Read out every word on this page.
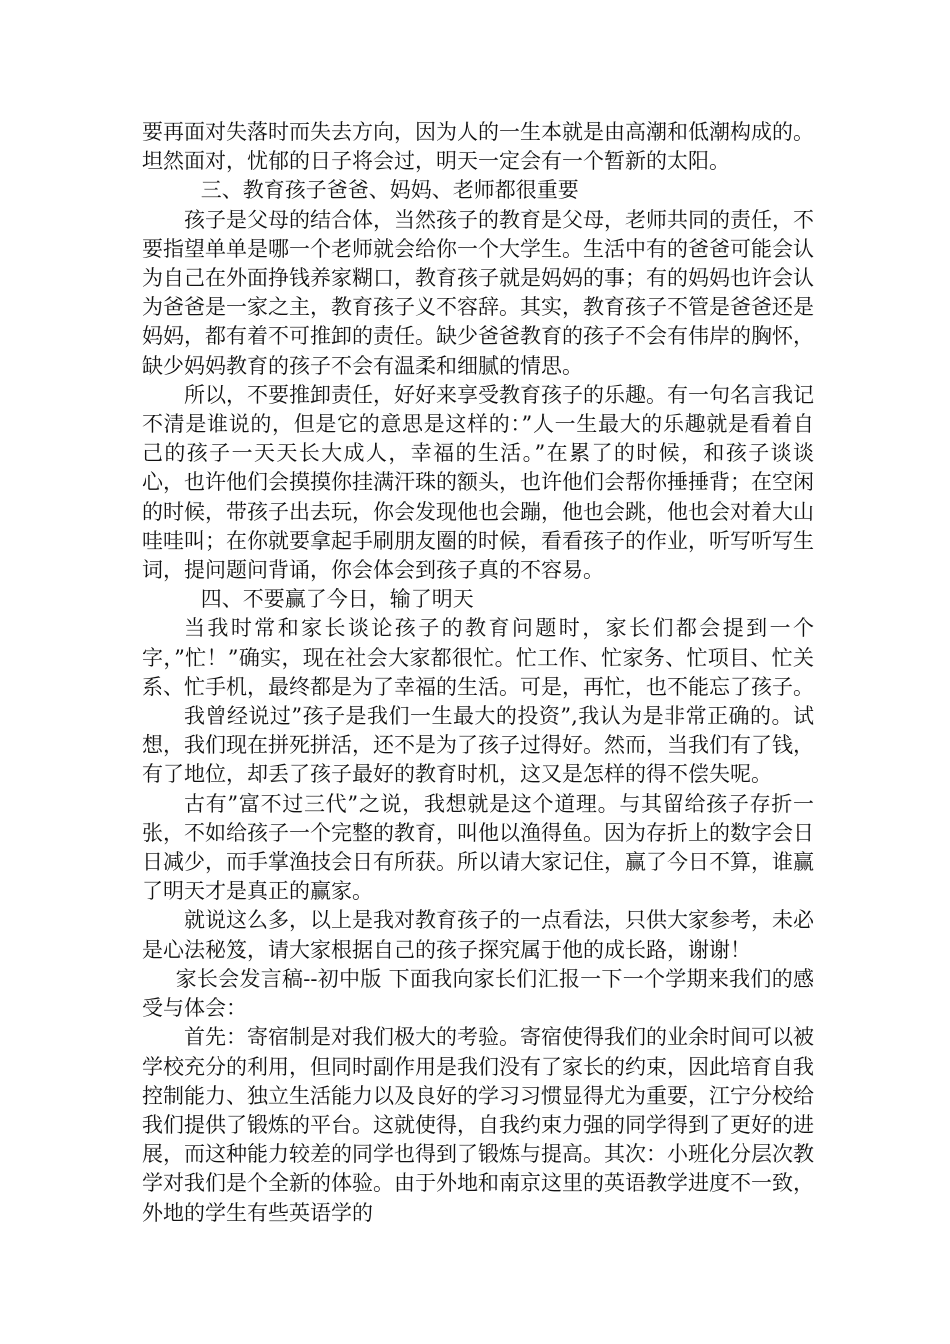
要再面对失落时而失去方向，因为人的一生本就是由高潮和低潮构成的。坦然面对，忧郁的日子将会过，明天一定会有一个暂新的太阳。

三、教育孩子爸爸、妈妈、老师都很重要

孩子是父母的结合体，当然孩子的教育是父母，老师共同的责任，不要指望单单是哪一个老师就会给你一个大学生。生活中有的爸爸可能会认为自己在外面挣钱养家糊口，教育孩子就是妈妈的事；有的妈妈也许会认为爸爸是一家之主，教育孩子义不容辞。其实，教育孩子不管是爸爸还是妈妈，都有着不可推卸的责任。缺少爸爸教育的孩子不会有伟岸的胸怀，缺少妈妈教育的孩子不会有温柔和细腻的情思。

所以，不要推卸责任，好好来享受教育孩子的乐趣。有一句名言我记不清是谁说的，但是它的意思是这样的：”人一生最大的乐趣就是看着自己的孩子一天天长大成人，幸福的生活。”在累了的时候，和孩子谈谈心，也许他们会摸摸你挂满汗珠的额头，也许他们会帮你捶捶背；在空闲的时候，带孩子出去玩，你会发现他也会蹦，他也会跳，他也会对着大山哇哇叫；在你就要拿起手刷朋友圈的时候，看看孩子的作业，听写听写生词，提问题问背诵，你会体会到孩子真的不容易。

四、不要赢了今日，输了明天

当我时常和家长谈论孩子的教育问题时，家长们都会提到一个字，”忙！”确实，现在社会大家都很忙。忙工作、忙家务、忙项目、忙关系、忙手机，最终都是为了幸福的生活。可是，再忙，也不能忘了孩子。

我曾经说过”孩子是我们一生最大的投资”,我认为是非常正确的。试想，我们现在拼死拼活，还不是为了孩子过得好。然而，当我们有了钱，有了地位，却丢了孩子最好的教育时机，这又是怎样的得不偿失呢。

古有”富不过三代”之说，我想就是这个道理。与其留给孩子存折一张，不如给孩子一个完整的教育，叫他以渔得鱼。因为存折上的数字会日日减少，而手掌渔技会日有所获。所以请大家记住，赢了今日不算，谁赢了明天才是真正的赢家。

就说这么多，以上是我对教育孩子的一点看法，只供大家参考，未必是心法秘笈，请大家根据自己的孩子探究属于他的成长路，谢谢！

家长会发言稿--初中版 下面我向家长们汇报一下一个学期来我们的感受与体会：

首先：寄宿制是对我们极大的考验。寄宿使得我们的业余时间可以被学校充分的利用，但同时副作用是我们没有了家长的约束，因此培育自我控制能力、独立生活能力以及良好的学习习惯显得尤为重要，江宁分校给我们提供了锻炼的平台。这就使得，自我约束力强的同学得到了更好的进展，而这种能力较差的同学也得到了锻炼与提高。其次：小班化分层次教学对我们是个全新的体验。由于外地和南京这里的英语教学进度不一致，外地的学生有些英语学的
